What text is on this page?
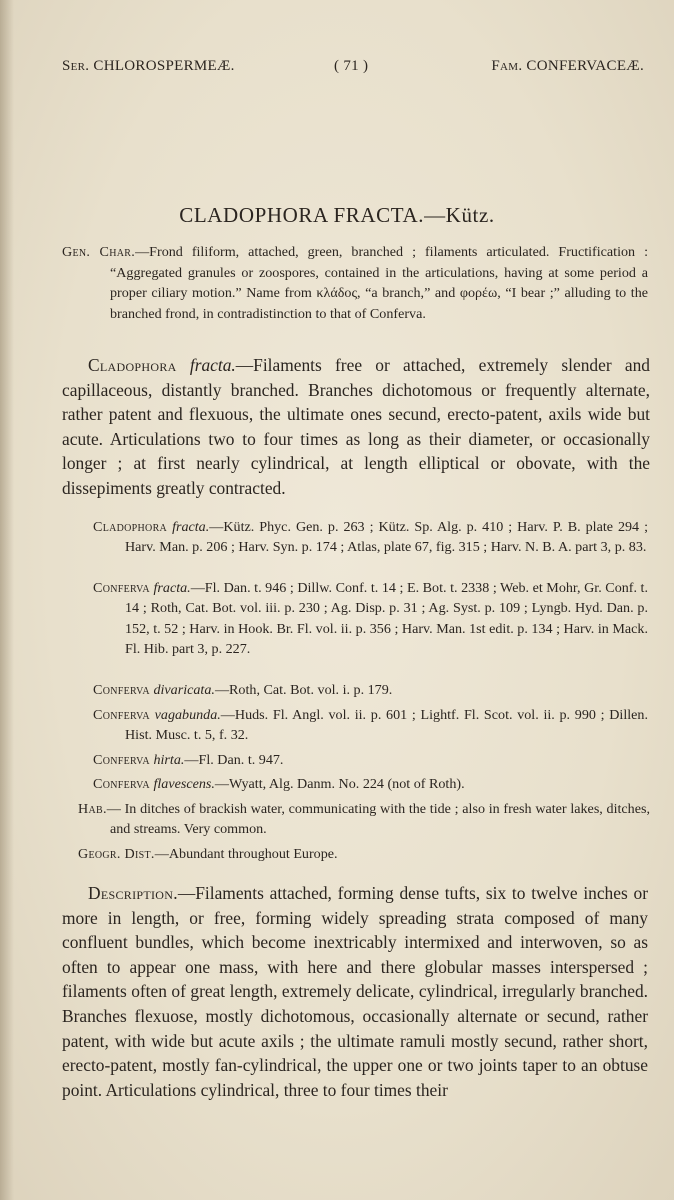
Ser. CHLOROSPERMEÆ.	( 71 )	Fam. CONFERVACEÆ.
CLADOPHORA FRACTA.—Kütz.
Gen. Char.—Frond filiform, attached, green, branched ; filaments articulated. Fructification : “Aggregated granules or zoospores, contained in the articulations, having at some period a proper ciliary motion.” Name from κλάδος, “a branch,” and φορέω, “I bear ;” alluding to the branched frond, in contradistinction to that of Conferva.

Cladophora fracta.—Filaments free or attached, extremely slender and capillaceous, distantly branched. Branches dichotomous or frequently alternate, rather patent and flexuous, the ultimate ones secund, erecto-patent, axils wide but acute. Articulations two to four times as long as their diameter, or occasionally longer ; at first nearly cylindrical, at length elliptical or obovate, with the dissepiments greatly contracted.

Cladophora fracta.—Kütz. Phyc. Gen. p. 263 ; Kütz. Sp. Alg. p. 410 ; Harv. P. B. plate 294 ; Harv. Man. p. 206 ; Harv. Syn. p. 174 ; Atlas, plate 67, fig. 315 ; Harv. N. B. A. part 3, p. 83.

Conferva fracta.—Fl. Dan. t. 946 ; Dillw. Conf. t. 14 ; E. Bot. t. 2338 ; Web. et Mohr, Gr. Conf. t. 14 ; Roth, Cat. Bot. vol. iii. p. 230 ; Ag. Disp. p. 31 ; Ag. Syst. p. 109 ; Lyngb. Hyd. Dan. p. 152, t. 52 ; Harv. in Hook. Br. Fl. vol. ii. p. 356 ; Harv. Man. 1st edit. p. 134 ; Harv. in Mack. Fl. Hib. part 3, p. 227.

Conferva divaricata.—Roth, Cat. Bot. vol. i. p. 179.

Conferva vagabunda.—Huds. Fl. Angl. vol. ii. p. 601 ; Lightf. Fl. Scot. vol. ii. p. 990 ; Dillen. Hist. Musc. t. 5, f. 32.

Conferva hirta.—Fl. Dan. t. 947.

Conferva flavescens.—Wyatt, Alg. Danm. No. 224 (not of Roth).

Hab.— In ditches of brackish water, communicating with the tide ; also in fresh water lakes, ditches, and streams. Very common.

Geogr. Dist.—Abundant throughout Europe.

Description.—Filaments attached, forming dense tufts, six to twelve inches or more in length, or free, forming widely spreading strata composed of many confluent bundles, which become inextricably intermixed and interwoven, so as often to appear one mass, with here and there globular masses interspersed ; filaments often of great length, extremely delicate, cylindrical, irregularly branched. Branches flexuose, mostly dichotomous, occasionally alternate or secund, rather patent, with wide but acute axils ; the ultimate ramuli mostly secund, rather short, erecto-patent, mostly fan-cylindrical, the upper one or two joints taper to an obtuse point. Articulations cylindrical, three to four times their
